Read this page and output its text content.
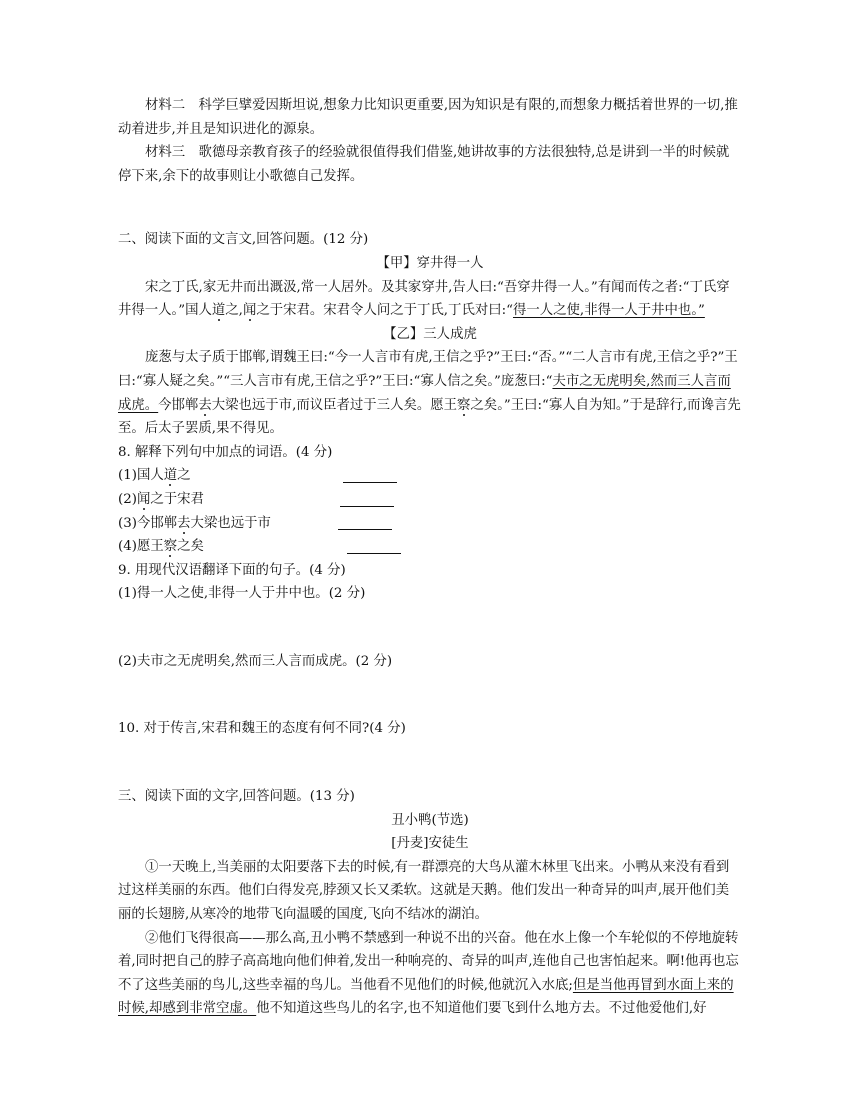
材料二　科学巨擘爱因斯坦说,想象力比知识更重要,因为知识是有限的,而想象力概括着世界的一切,推动着进步,并且是知识进化的源泉。

材料三　歌德母亲教育孩子的经验就很值得我们借鉴,她讲故事的方法很独特,总是讲到一半的时候就停下来,余下的故事则让小歌德自己发挥。

二、阅读下面的文言文,回答问题。(12 分)

【甲】穿井得一人

宋之丁氏,家无井而出溉汲,常一人居外。及其家穿井,告人曰:“吾穿井得一人。”有闻而传之者:“丁氏穿井得一人。”国人道之,闻之于宋君。宋君令人问之于丁氏,丁氏对曰:“得一人之使,非得一人于井中也。”

【乙】三人成虎

庞葱与太子质于邯郸,谓魏王曰:“今一人言市有虎,王信之乎?”王曰:“否。”“二人言市有虎,王信之乎?”王曰:“寡人疑之矣。”“三人言市有虎,王信之乎?”王曰:“寡人信之矣。”庞葱曰:“夫市之无虎明矣,然而三人言而成虎。今邯郸去大梁也远于市,而议臣者过于三人矣。愿王察之矣。”王曰:“寡人自为知。”于是辞行,而谗言先至。后太子罢质,果不得见。

8. 解释下列句中加点的词语。(4 分)

(1)国人道之
(2)闻之于宋君
(3)今邯郸去大梁也远于市
(4)愿王察之矣

9. 用现代汉语翻译下面的句子。(4 分)

(1)得一人之使,非得一人于井中也。(2 分)

(2)夫市之无虎明矣,然而三人言而成虎。(2 分)

10. 对于传言,宋君和魏王的态度有何不同?(4 分)

三、阅读下面的文字,回答问题。(13 分)

丑小鸭(节选)

[丹麦]安徒生

①一天晚上,当美丽的太阳要落下去的时候,有一群漂亮的大鸟从灌木林里飞出来。小鸭从来没有看到过这样美丽的东西。他们白得发亮,脖颈又长又柔软。这就是天鹅。他们发出一种奇异的叫声,展开他们美丽的长翅膀,从寒冷的地带飞向温暖的国度,飞向不结冰的湖泊。

②他们飞得很高——那么高,丑小鸭不禁感到一种说不出的兴奋。他在水上像一个车轮似的不停地旋转着,同时把自己的脖子高高地向他们伸着,发出一种响亮的、奇异的叫声,连他自己也害怕起来。啊!他再也忘不了这些美丽的鸟儿,这些幸福的鸟儿。当他看不见他们的时候,他就沉入水底;但是当他再冒到水面上来的时候,却感到非常空虚。他不知道这些鸟儿的名字,也不知道他们要飞到什么地方去。不过他爱他们,好
